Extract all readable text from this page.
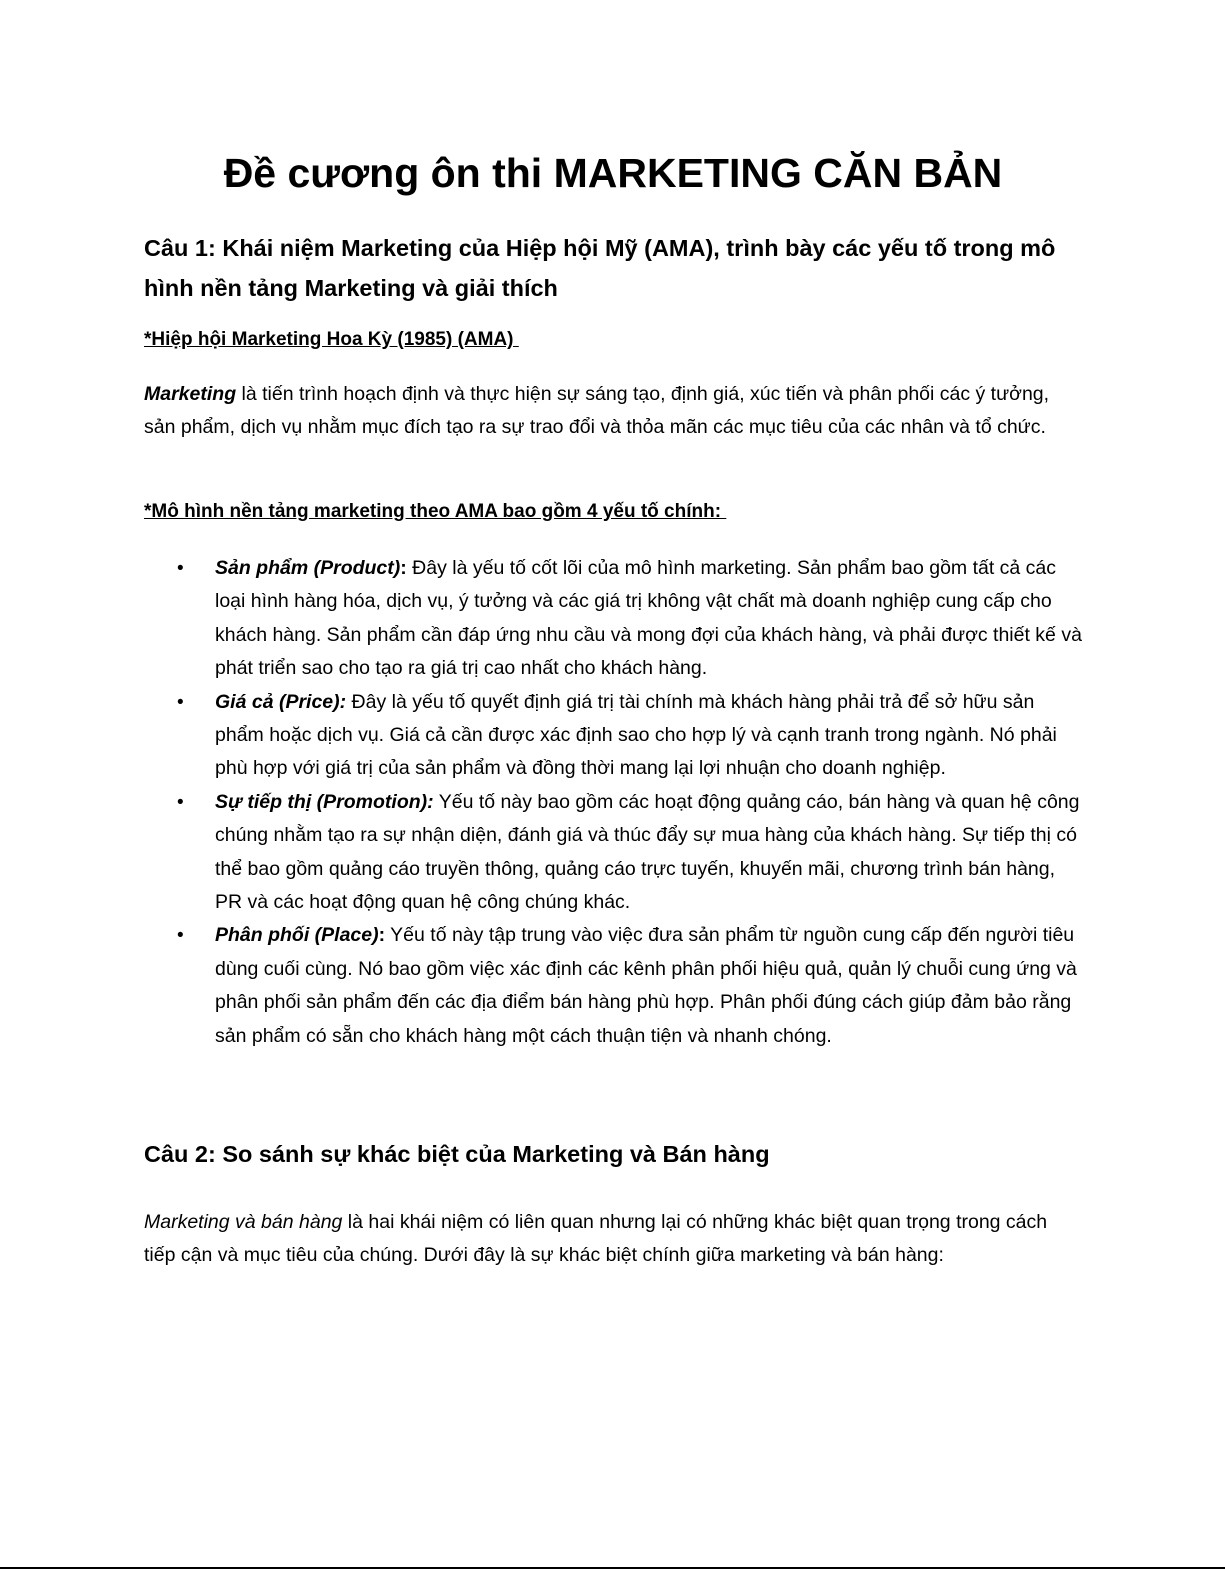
Đề cương ôn thi MARKETING CĂN BẢN
Câu 1: Khái niệm Marketing của Hiệp hội Mỹ (AMA), trình bày các yếu tố trong mô hình nền tảng Marketing và giải thích

*Hiệp hội Marketing Hoa Kỳ (1985) (AMA)

Marketing là tiến trình hoạch định và thực hiện sự sáng tạo, định giá, xúc tiến và phân phối các ý tưởng, sản phẩm, dịch vụ nhằm mục đích tạo ra sự trao đổi và thỏa mãn các mục tiêu của các nhân và tổ chức.

*Mô hình nền tảng marketing theo AMA bao gồm 4 yếu tố chính:

• Sản phẩm (Product): Đây là yếu tố cốt lõi của mô hình marketing. Sản phẩm bao gồm tất cả các loại hình hàng hóa, dịch vụ, ý tưởng và các giá trị không vật chất mà doanh nghiệp cung cấp cho khách hàng. Sản phẩm cần đáp ứng nhu cầu và mong đợi của khách hàng, và phải được thiết kế và phát triển sao cho tạo ra giá trị cao nhất cho khách hàng.
• Giá cả (Price): Đây là yếu tố quyết định giá trị tài chính mà khách hàng phải trả để sở hữu sản phẩm hoặc dịch vụ. Giá cả cần được xác định sao cho hợp lý và cạnh tranh trong ngành. Nó phải phù hợp với giá trị của sản phẩm và đồng thời mang lại lợi nhuận cho doanh nghiệp.
• Sự tiếp thị (Promotion): Yếu tố này bao gồm các hoạt động quảng cáo, bán hàng và quan hệ công chúng nhằm tạo ra sự nhận diện, đánh giá và thúc đẩy sự mua hàng của khách hàng. Sự tiếp thị có thể bao gồm quảng cáo truyền thông, quảng cáo trực tuyến, khuyến mãi, chương trình bán hàng, PR và các hoạt động quan hệ công chúng khác.
• Phân phối (Place): Yếu tố này tập trung vào việc đưa sản phẩm từ nguồn cung cấp đến người tiêu dùng cuối cùng. Nó bao gồm việc xác định các kênh phân phối hiệu quả, quản lý chuỗi cung ứng và phân phối sản phẩm đến các địa điểm bán hàng phù hợp. Phân phối đúng cách giúp đảm bảo rằng sản phẩm có sẵn cho khách hàng một cách thuận tiện và nhanh chóng.
Câu 2: So sánh sự khác biệt của Marketing và Bán hàng

Marketing và bán hàng là hai khái niệm có liên quan nhưng lại có những khác biệt quan trọng trong cách tiếp cận và mục tiêu của chúng. Dưới đây là sự khác biệt chính giữa marketing và bán hàng:
